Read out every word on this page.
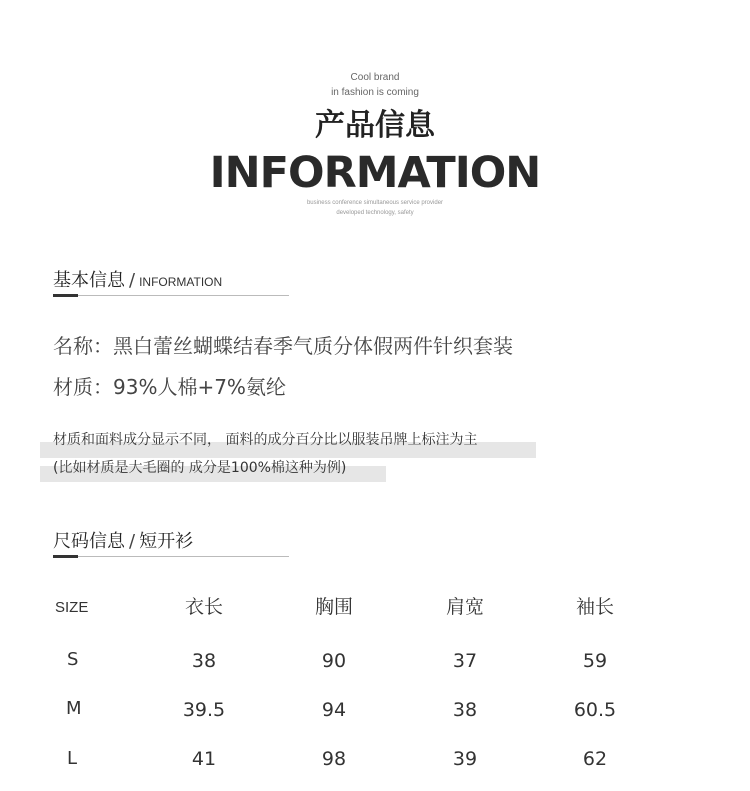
Cool brand
in fashion is coming
产品信息
INFORMATION
business conference simultaneous service provider
developed technology, safety
基本信息 / INFORMATION
名称：黑白蕾丝蝴蝶结春季气质分体假两件针织套装
材质：93%人棉+7%氨纶
材质和面料成分显示不同， 面料的成分百分比以服装吊牌上标注为主
(比如材质是大毛圈的 成分是100%棉这种为例)
尺码信息 / 短开衫
SIZE	衣长	胸围	肩宽	袖长
S	38	90	37	59
M	39.5	94	38	60.5
L	41	98	39	62
